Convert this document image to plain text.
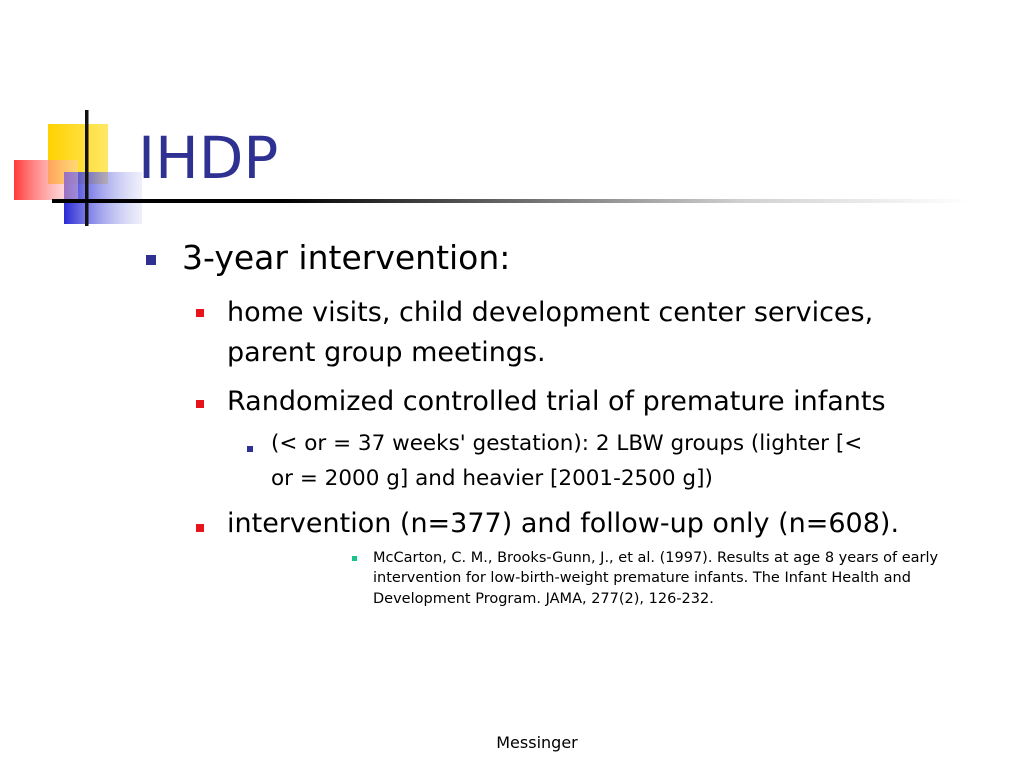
IHDP
3-year intervention:
home visits, child development center services,
parent group meetings.
Randomized controlled trial of premature infants
(< or = 37 weeks' gestation): 2 LBW groups (lighter [<
or = 2000 g] and heavier [2001-2500 g])
intervention (n=377) and follow-up only (n=608).
McCarton, C. M., Brooks-Gunn, J., et al. (1997). Results at age 8 years of early
intervention for low-birth-weight premature infants. The Infant Health and
Development Program. JAMA, 277(2), 126-232.
Messinger
